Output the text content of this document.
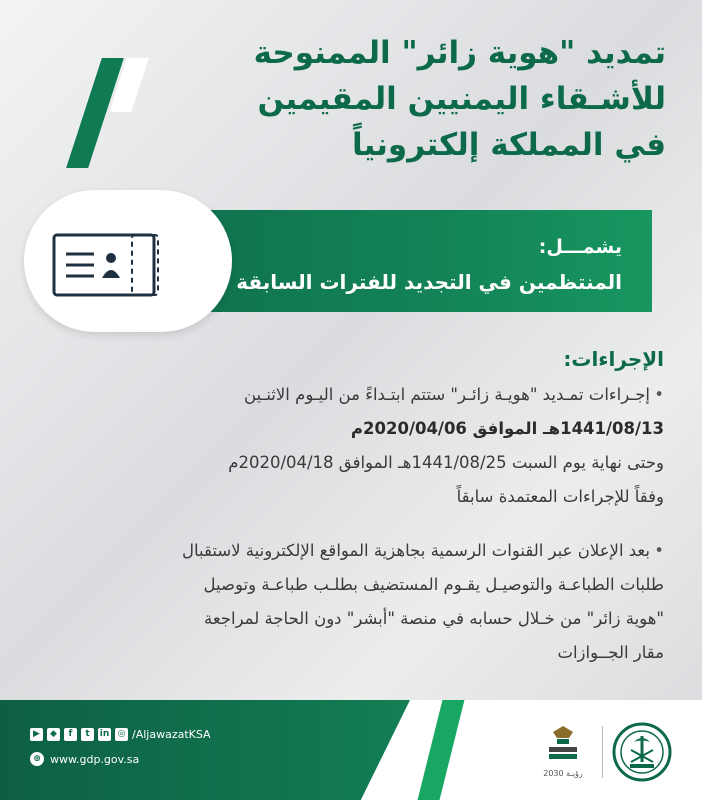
تمديد "هوية زائر" الممنوحة
للأشـقاء اليمنيين المقيمين
في المملكة إلكترونياً
يشمـــل:
المنتظمين في التجديد للفترات السابقة
الإجراءات:
•إجـراءات تمـديد "هويـة زائـر" ستتم ابتـداءً من اليـوم الاثنـين
1441/08/13هـ الموافق 2020/04/06م
وحتى نهاية يوم السبت 1441/08/25هـ الموافق 2020/04/18م
وفقاً للإجراءات المعتمدة سابقاً
•بعد الإعلان عبر القنوات الرسمية بجاهزية المواقع الإلكترونية لاستقبال
طلبات الطباعـة والتوصيـل يقـوم المستضيف بطلـب طباعـة وتوصيل
"هوية زائر" من خـلال حسابه في منصة "أبشر" دون الحاجة لمراجعة
مقار الجــوازات
▶	◆	f	t	in ◎ /AljawazatKSA
⊕ www.gdp.gov.sa
رؤيـة 2030
